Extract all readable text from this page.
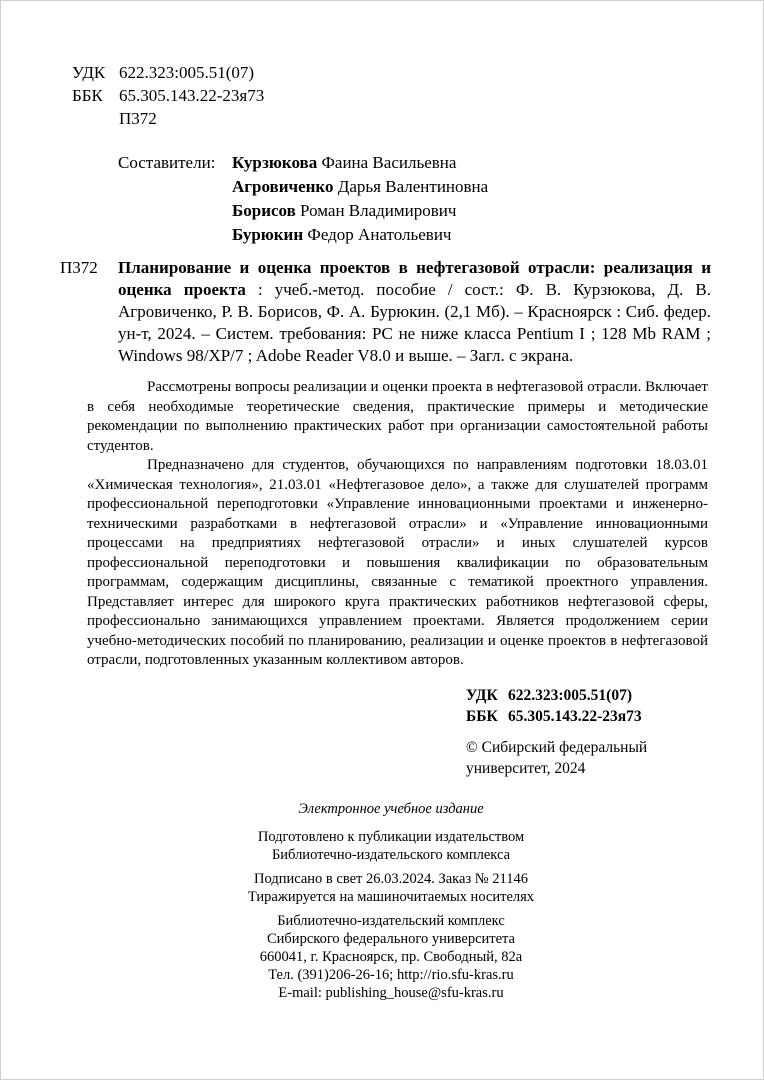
УДК 622.323:005.51(07)
ББК 65.305.143.22-23я73
П372
Составители: Курзюкова Фаина Васильевна
Агровиченко Дарья Валентиновна
Борисов Роман Владимирович
Бурюкин Федор Анатольевич
П372 Планирование и оценка проектов в нефтегазовой отрасли: реализация и оценка проекта : учеб.-метод. пособие / сост.: Ф. В. Курзюкова, Д. В. Агровиченко, Р. В. Борисов, Ф. А. Бурюкин. (2,1 Мб). – Красноярск : Сиб. федер. ун-т, 2024. – Систем. требования: PC не ниже класса Pentium I ; 128 Mb RAM ; Windows 98/XP/7 ; Adobe Reader V8.0 и выше. – Загл. с экрана.

Рассмотрены вопросы реализации и оценки проекта в нефтегазовой отрасли. Включает в себя необходимые теоретические сведения, практические примеры и методические рекомендации по выполнению практических работ при организации самостоятельной работы студентов.

Предназначено для студентов, обучающихся по направлениям подготовки 18.03.01 «Химическая технология», 21.03.01 «Нефтегазовое дело», а также для слушателей программ профессиональной переподготовки «Управление инновационными проектами и инженерно-техническими разработками в нефтегазовой отрасли» и «Управление инновационными процессами на предприятиях нефтегазовой отрасли» и иных слушателей курсов профессиональной переподготовки и повышения квалификации по образовательным программам, содержащим дисциплины, связанные с тематикой проектного управления. Представляет интерес для широкого круга практических работников нефтегазовой сферы, профессионально занимающихся управлением проектами. Является продолжением серии учебно-методических пособий по планированию, реализации и оценке проектов в нефтегазовой отрасли, подготовленных указанным коллективом авторов.

УДК 622.323:005.51(07)
ББК 65.305.143.22-23я73
© Сибирский федеральный
университет, 2024
Электронное учебное издание
Подготовлено к публикации издательством
Библиотечно-издательского комплекса
Подписано в свет 26.03.2024. Заказ № 21146
Тиражируется на машиночитаемых носителях
Библиотечно-издательский комплекс
Сибирского федерального университета
660041, г. Красноярск, пр. Свободный, 82а
Тел. (391)206-26-16; http://rio.sfu-kras.ru
E-mail: publishing_house@sfu-kras.ru
